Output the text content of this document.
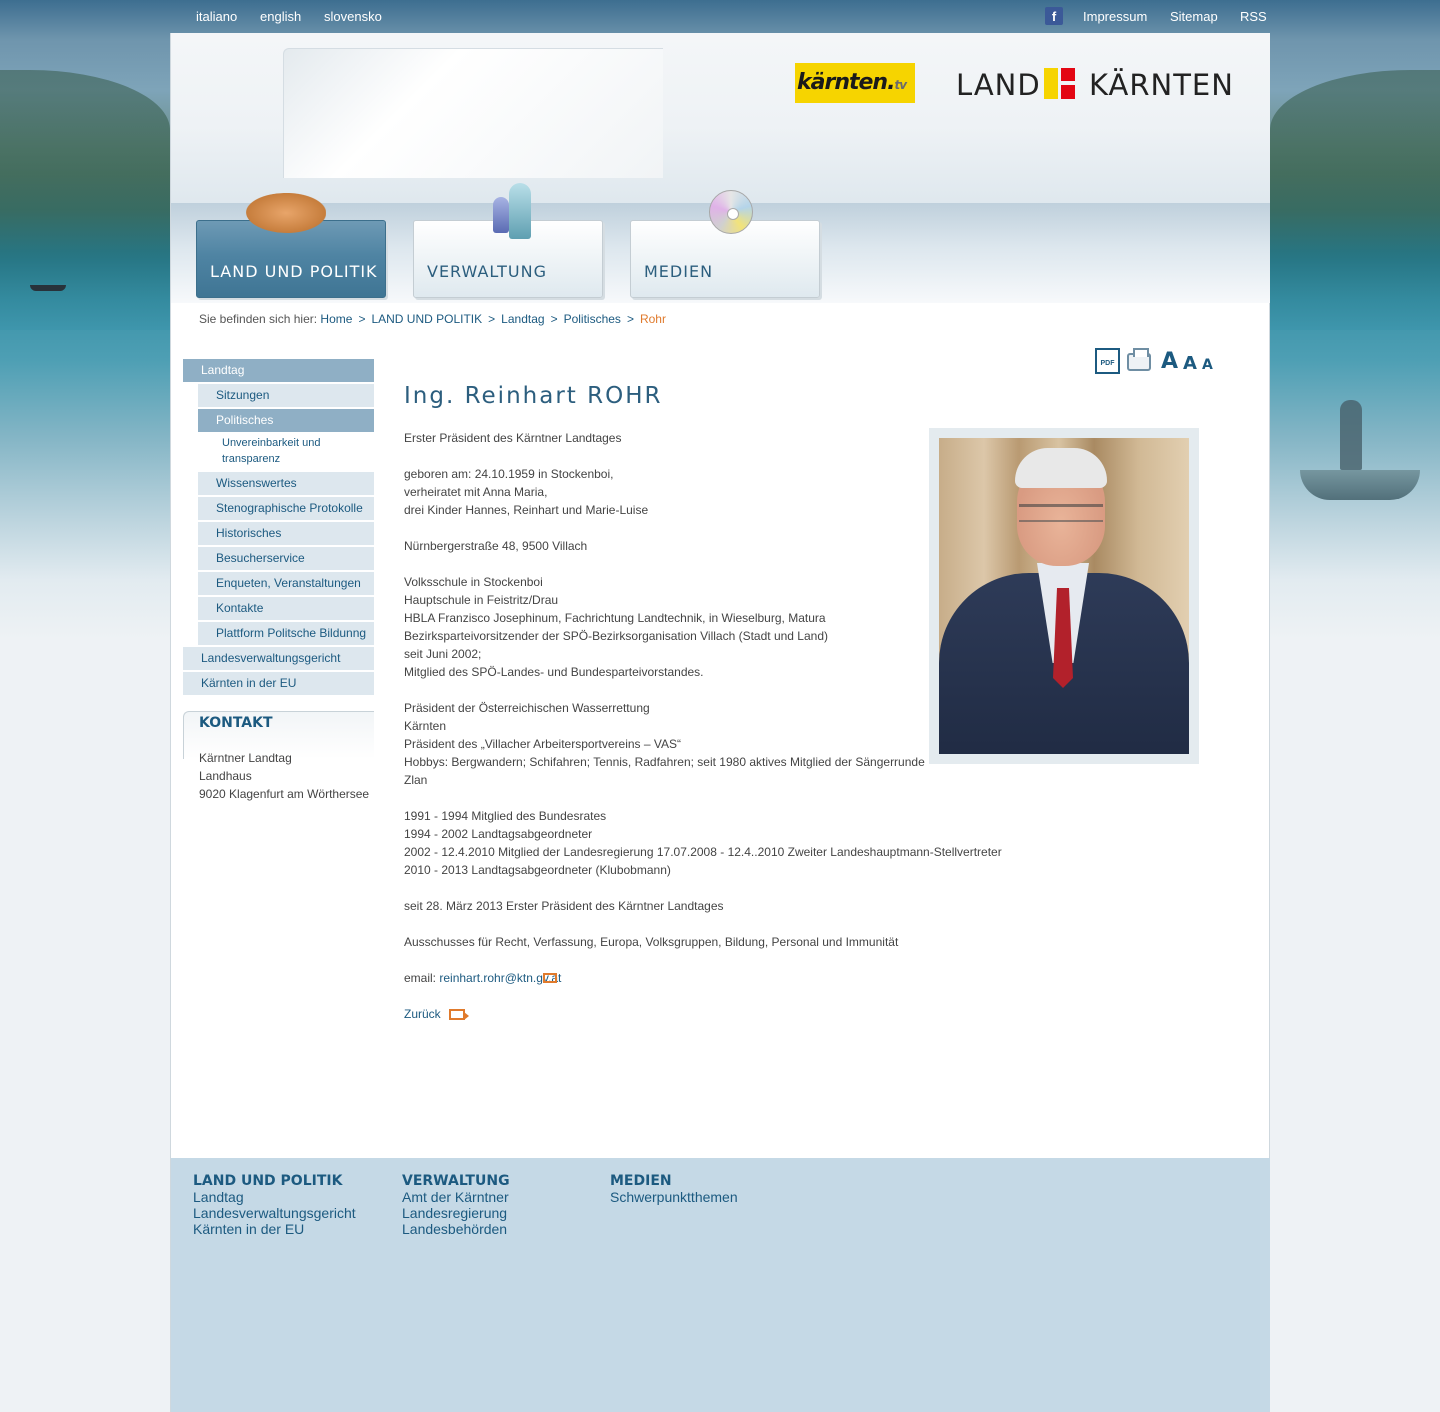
italiano english slovensko	f	Impressum Sitemap RSS
kärnten.tv	LAND KÄRNTEN
LAND UND POLITIK	VERWALTUNG	MEDIEN
Sie befinden sich hier: Home > LAND UND POLITIK > Landtag > Politisches > Rohr
Landtag
Sitzungen
Politisches
Unvereinbarkeit und transparenz
Wissenswertes
Stenographische Protokolle
Historisches
Besucherservice
Enqueten, Veranstaltungen
Kontakte
Plattform Politsche Bildunng
Landesverwaltungsgericht
Kärnten in der EU
KONTAKT
Kärntner Landtag
Landhaus
9020 Klagenfurt am Wörthersee
PDF A A A
Ing. Reinhart ROHR
Erster Präsident des Kärntner Landtages
geboren am: 24.10.1959 in Stockenboi,
verheiratet mit Anna Maria,
drei Kinder Hannes, Reinhart und Marie-Luise
Nürnbergerstraße 48, 9500 Villach
Volksschule in Stockenboi
Hauptschule in Feistritz/Drau
HBLA Franzisco Josephinum, Fachrichtung Landtechnik, in Wieselburg, Matura
Bezirksparteivorsitzender der SPÖ-Bezirksorganisation Villach (Stadt und Land)
seit Juni 2002;
Mitglied des SPÖ-Landes- und Bundesparteivorstandes.
Präsident der Österreichischen Wasserrettung
Kärnten
Präsident des „Villacher Arbeitersportvereins – VAS“
Hobbys: Bergwandern; Schifahren; Tennis, Radfahren; seit 1980 aktives Mitglied der Sängerrunde Zlan
1991 - 1994 Mitglied des Bundesrates
1994 - 2002 Landtagsabgeordneter
2002 - 12.4.2010 Mitglied der Landesregierung 17.07.2008 - 12.4..2010 Zweiter Landeshauptmann-Stellvertreter
2010 - 2013 Landtagsabgeordneter (Klubobmann)
seit 28. März 2013 Erster Präsident des Kärntner Landtages
Ausschusses für Recht, Verfassung, Europa, Volksgruppen, Bildung, Personal und Immunität
email: reinhart.rohr@ktn.gv.at
Zurück
LAND UND POLITIK
Landtag
Landesverwaltungsgericht
Kärnten in der EU
VERWALTUNG
Amt der Kärntner
Landesregierung
Landesbehörden
MEDIEN
Schwerpunktthemen
